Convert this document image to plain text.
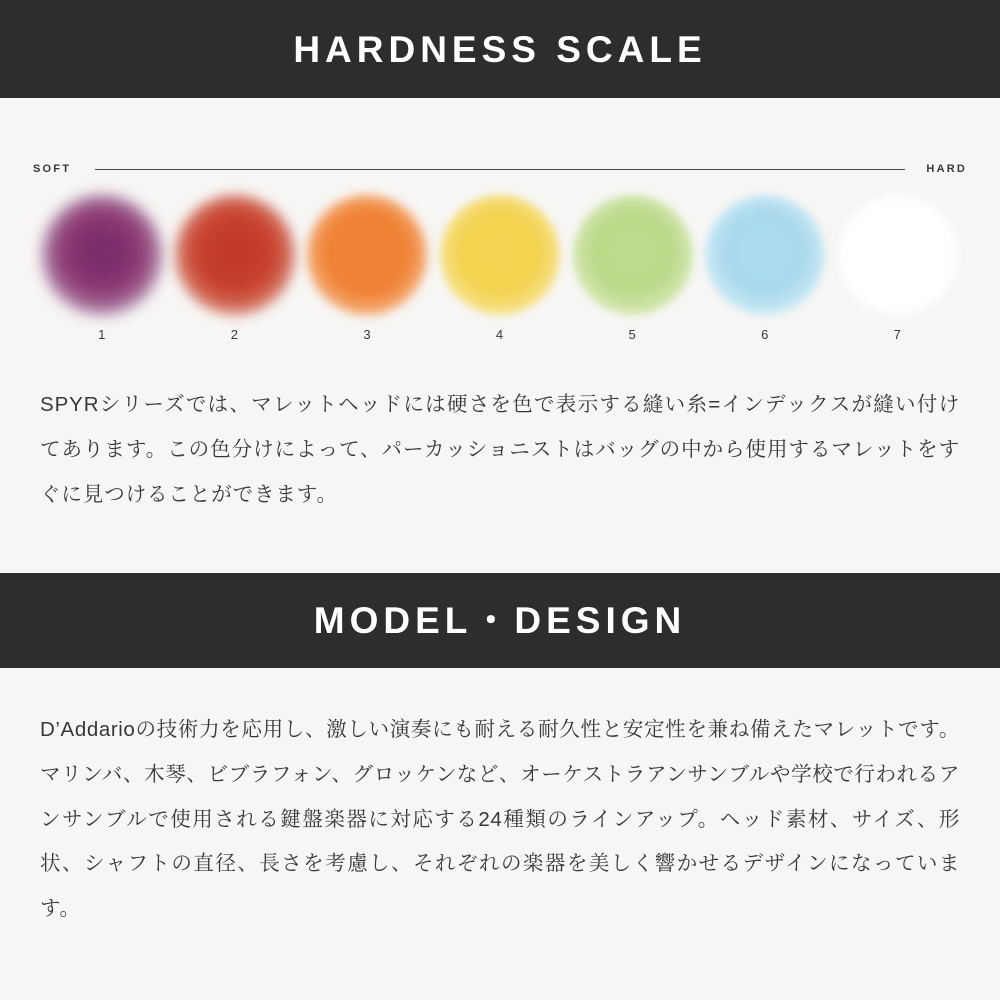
HARDNESS SCALE
SOFT	HARD
1	2	3	4	5	6	7
SPYRシリーズでは、マレットヘッドには硬さを色で表示する縫い糸=インデックスが縫い付けてあります。この色分けによって、パーカッショニストはバッグの中から使用するマレットをすぐに見つけることができます。
MODEL・DESIGN
D’Addarioの技術力を応用し、激しい演奏にも耐える耐久性と安定性を兼ね備えたマレットです。マリンバ、木琴、ビブラフォン、グロッケンなど、オーケストラアンサンブルや学校で行われるアンサンブルで使用される鍵盤楽器に対応する24種類のラインアップ。ヘッド素材、サイズ、形状、シャフトの直径、長さを考慮し、それぞれの楽器を美しく響かせるデザインになっています。
